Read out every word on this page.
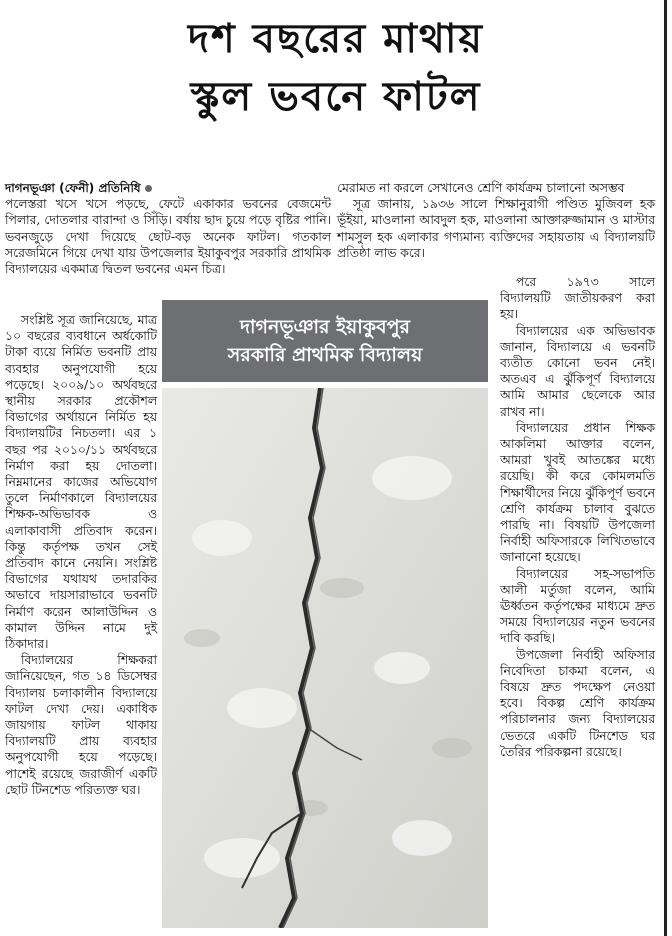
দশ বছরের মাথায়
স্কুল ভবনে ফাটল

দাগনভূঞা (ফেনী) প্রতিনিধি

পলেস্তরা খসে খসে পড়ছে, ফেটে একাকার ভবনের বেজমেন্ট পিলার, দোতলার বারান্দা ও সিঁড়ি। বর্ষায় ছাদ চুয়ে পড়ে বৃষ্টির পানি। ভবনজুড়ে দেখা দিয়েছে ছোট-বড় অনেক ফাটল। গতকাল সরেজমিনে গিয়ে দেখা যায় উপজেলার ইয়াকুবপুর সরকারি প্রাথমিক বিদ্যালয়ের একমাত্র দ্বিতল ভবনের এমন চিত্র।

সংশ্লিষ্ট সূত্র জানিয়েছে, মাত্র ১০ বছরের ব্যবধানে অর্ধকোটি টাকা ব্যয়ে নির্মিত ভবনটি প্রায় ব্যবহার অনুপযোগী হয়ে পড়েছে। ২০০৯/১০ অর্থবছরে স্থানীয় সরকার প্রকৌশল বিভাগের অর্থায়নে নির্মিত হয় বিদ্যালয়টির নিচতলা। এর ১ বছর পর ২০১০/১১ অর্থবছরে নির্মাণ করা হয় দোতলা। নিম্নমানের কাজের অভিযোগ তুলে নির্মাণকালে বিদ্যালয়ের শিক্ষক-অভিভাবক ও এলাকাবাসী প্রতিবাদ করেন। কিন্তু কর্তৃপক্ষ তখন সেই প্রতিবাদ কানে নেয়নি। সংশ্লিষ্ট বিভাগের যথাযথ তদারকির অভাবে দায়সারাভাবে ভবনটি নির্মাণ করেন আলাউদ্দিন ও কামাল উদ্দিন নামে দুই ঠিকাদার।

বিদ্যালয়ের শিক্ষকরা জানিয়েছেন, গত ১৪ ডিসেম্বর বিদ্যালয় চলাকালীন বিদ্যালয়ে ফাটল দেখা দেয়। একাধিক জায়গায় ফাটল থাকায় বিদ্যালয়টি প্রায় ব্যবহার অনুপযোগী হয়ে পড়েছে। পাশেই রয়েছে জরাজীর্ণ একটি ছোট টিনশেড পরিত্যক্ত ঘর।

মেরামত না করলে সেখানেও শ্রেণি কার্যক্রম চালানো অসম্ভব

সূত্র জানায়, ১৯৩৬ সালে শিক্ষানুরাগী পণ্ডিত মুজিবল হক ভূঁইয়া, মাওলানা আবদুল হক, মাওলানা আক্তারুজ্জামান ও মাস্টার শামসুল হক এলাকার গণ্যমান্য ব্যক্তিদের সহায়তায় এ বিদ্যালয়টি প্রতিষ্ঠা লাভ করে।

পরে ১৯৭৩ সালে বিদ্যালয়টি জাতীয়করণ করা হয়।

বিদ্যালয়ের এক অভিভাবক জানান, বিদ্যালয়ে এ ভবনটি ব্যতীত কোনো ভবন নেই। অতএব এ ঝুঁকিপূর্ণ বিদ্যালয়ে আমি আমার ছেলেকে আর রাখব না।

বিদ্যালয়ের প্রধান শিক্ষক আকলিমা আক্তার বলেন, আমরা খুবই আতঙ্কের মধ্যে রয়েছি। কী করে কোমলমতি শিক্ষার্থীদের নিয়ে ঝুঁকিপূর্ণ ভবনে শ্রেণি কার্যক্রম চালাব বুঝতে পারছি না। বিষয়টি উপজেলা নির্বাহী অফিসারকে লিখিতভাবে জানানো হয়েছে।

বিদ্যালয়ের সহ-সভাপতি আলী মর্তুজা বলেন, আমি ঊর্ধ্বতন কর্তৃপক্ষের মাধ্যমে দ্রুত সময়ে বিদ্যালয়ের নতুন ভবনের দাবি করছি।

উপজেলা নির্বাহী অফিসার নিবেদিতা চাকমা বলেন, এ বিষয়ে দ্রুত পদক্ষেপ নেওয়া হবে। বিকল্প শ্রেণি কার্যক্রম পরিচালনার জন্য বিদ্যালয়ের ভেতরে একটি টিনশেড ঘর তৈরির পরিকল্পনা রয়েছে।

দাগনভূঞার ইয়াকুবপুর
সরকারি প্রাথমিক বিদ্যালয়
